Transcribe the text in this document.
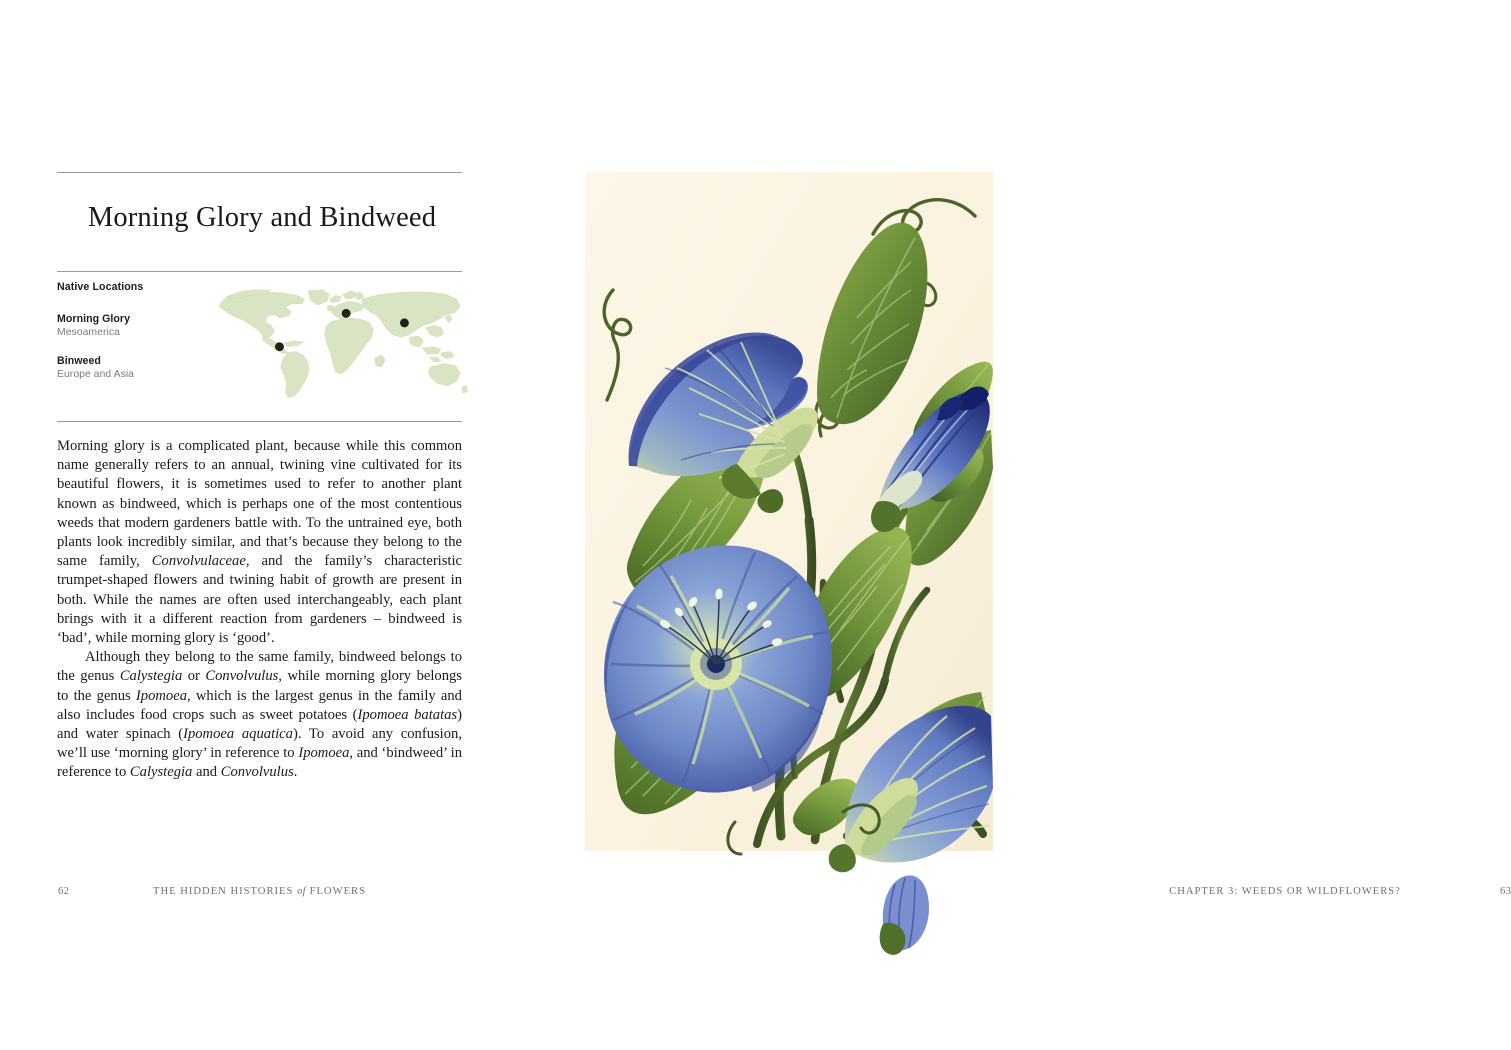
Morning Glory and Bindweed
Native Locations
Morning Glory
Mesoamerica
Binweed
Europe and Asia

Morning glory is a complicated plant, because while this common name generally refers to an annual, twining vine cultivated for its beautiful flowers, it is sometimes used to refer to another plant known as bindweed, which is perhaps one of the most contentious weeds that modern gardeners battle with. To the untrained eye, both plants look incredibly similar, and that’s because they belong to the same family, Convolvulaceae, and the family’s characteristic trumpet-shaped flowers and twining habit of growth are present in both. While the names are often used interchangeably, each plant brings with it a different reaction from gardeners – bindweed is ‘bad’, while morning glory is ‘good’.

Although they belong to the same family, bindweed belongs to the genus Calystegia or Convolvulus, while morning glory belongs to the genus Ipomoea, which is the largest genus in the family and also includes food crops such as sweet potatoes (Ipomoea batatas) and water spinach (Ipomoea aquatica). To avoid any confusion, we’ll use ‘morning glory’ in reference to Ipomoea, and ‘bindweed’ in reference to Calystegia and Convolvulus.

62	THE HIDDEN HISTORIES of FLOWERS	CHAPTER 3: WEEDS OR WILDFLOWERS?	63
